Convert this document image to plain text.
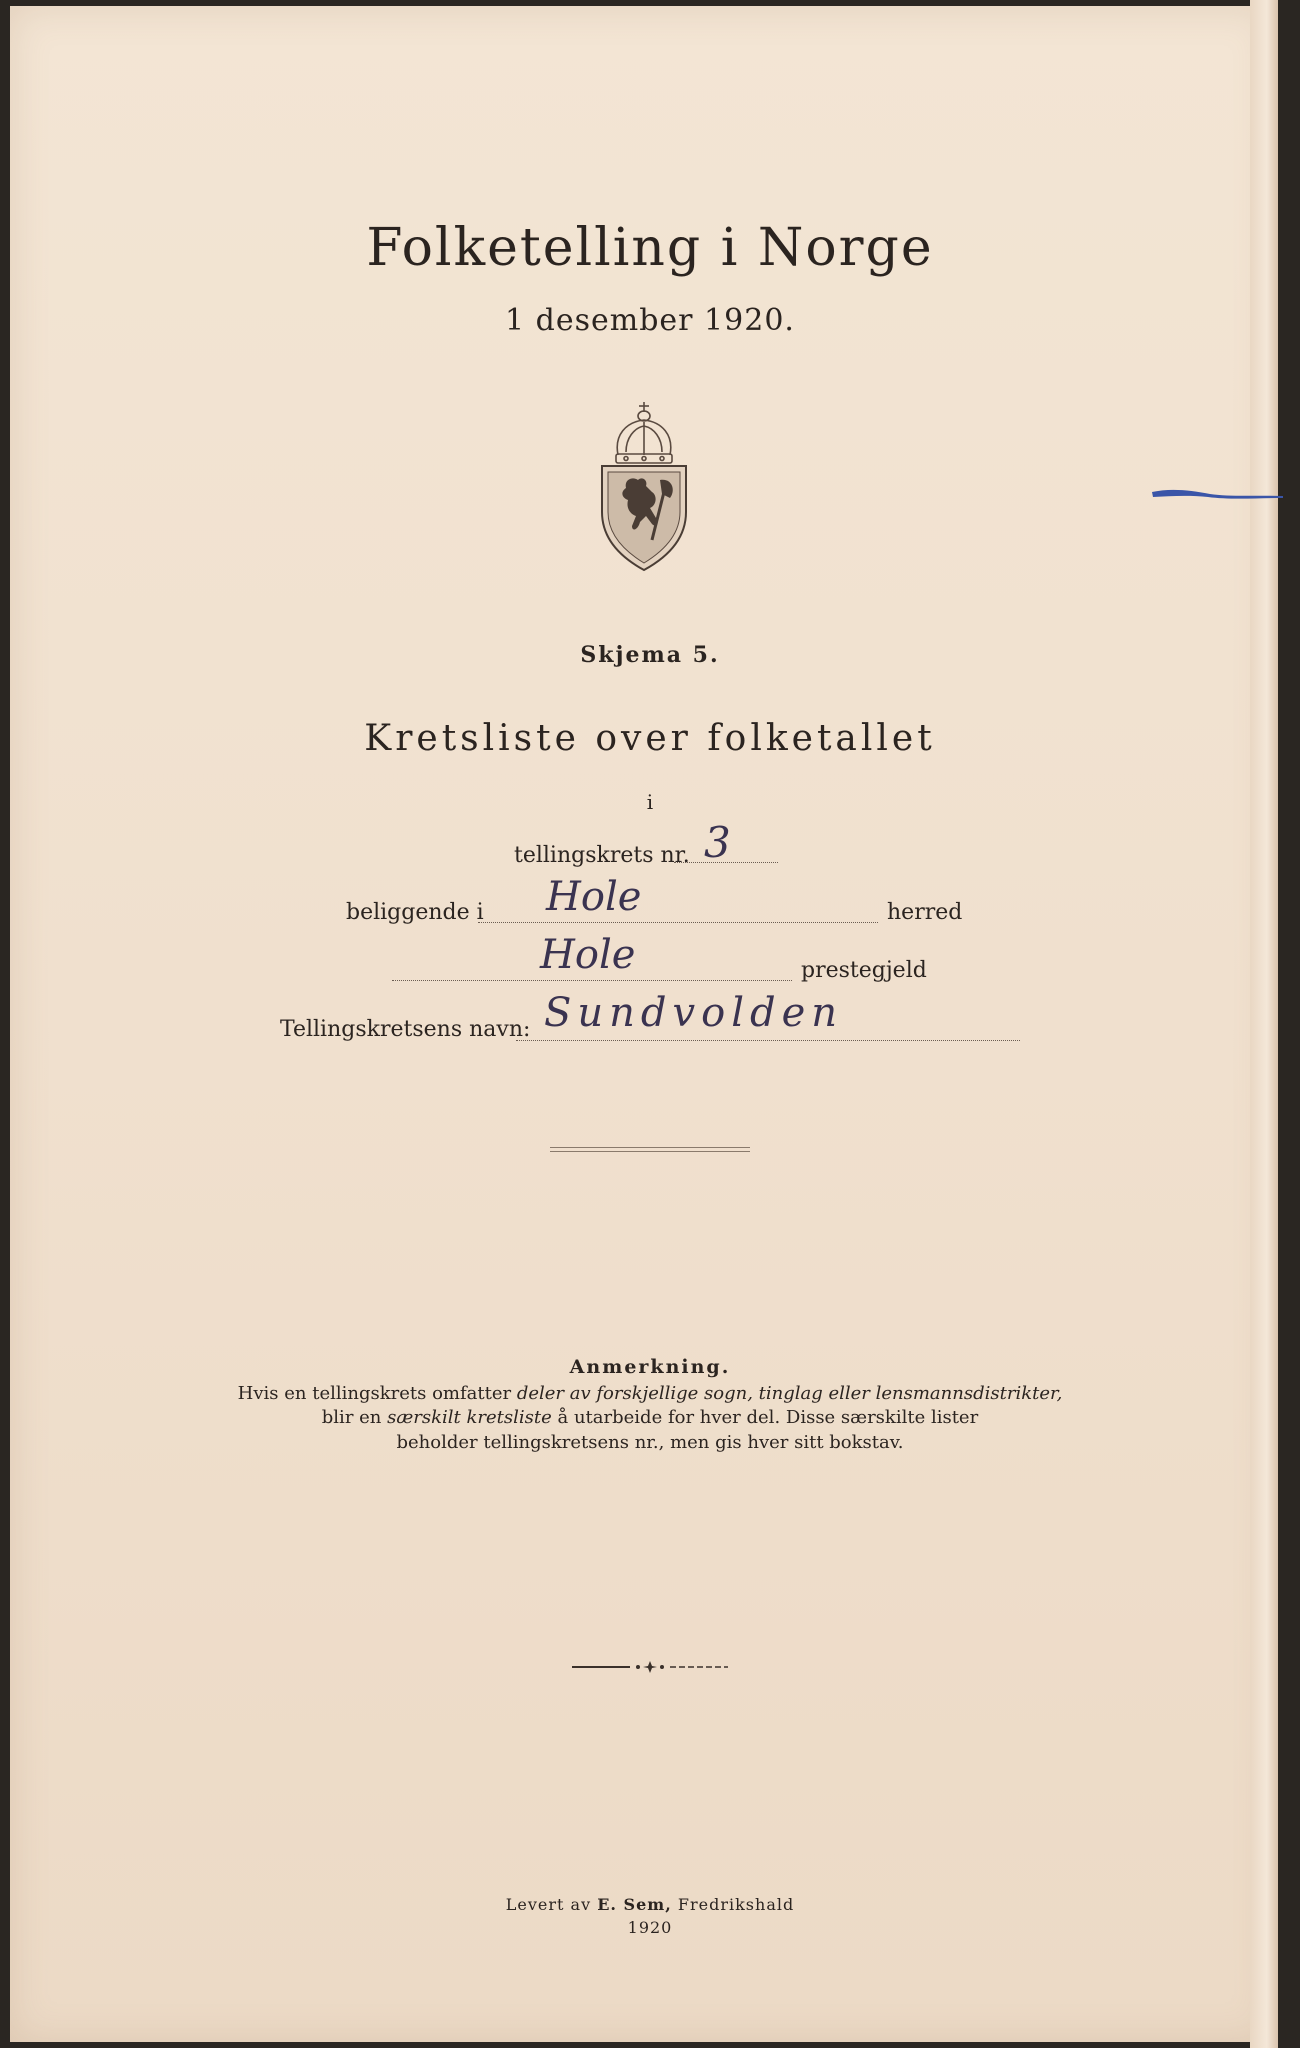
Folketelling i Norge
1 desember 1920.
Skjema 5.
Kretsliste over folketallet
i
tellingskrets nr. 3
beliggende i Hole	herred
Hole	prestegjeld
Tellingskretsens navn: Sundvolden
Anmerkning.
Hvis en tellingskrets omfatter deler av forskjellige sogn, tinglag eller lensmannsdistrikter,
blir en særskilt kretsliste å utarbeide for hver del. Disse særskilte lister
beholder tellingskretsens nr., men gis hver sitt bokstav.
Levert av E. Sem, Fredrikshald
1920
